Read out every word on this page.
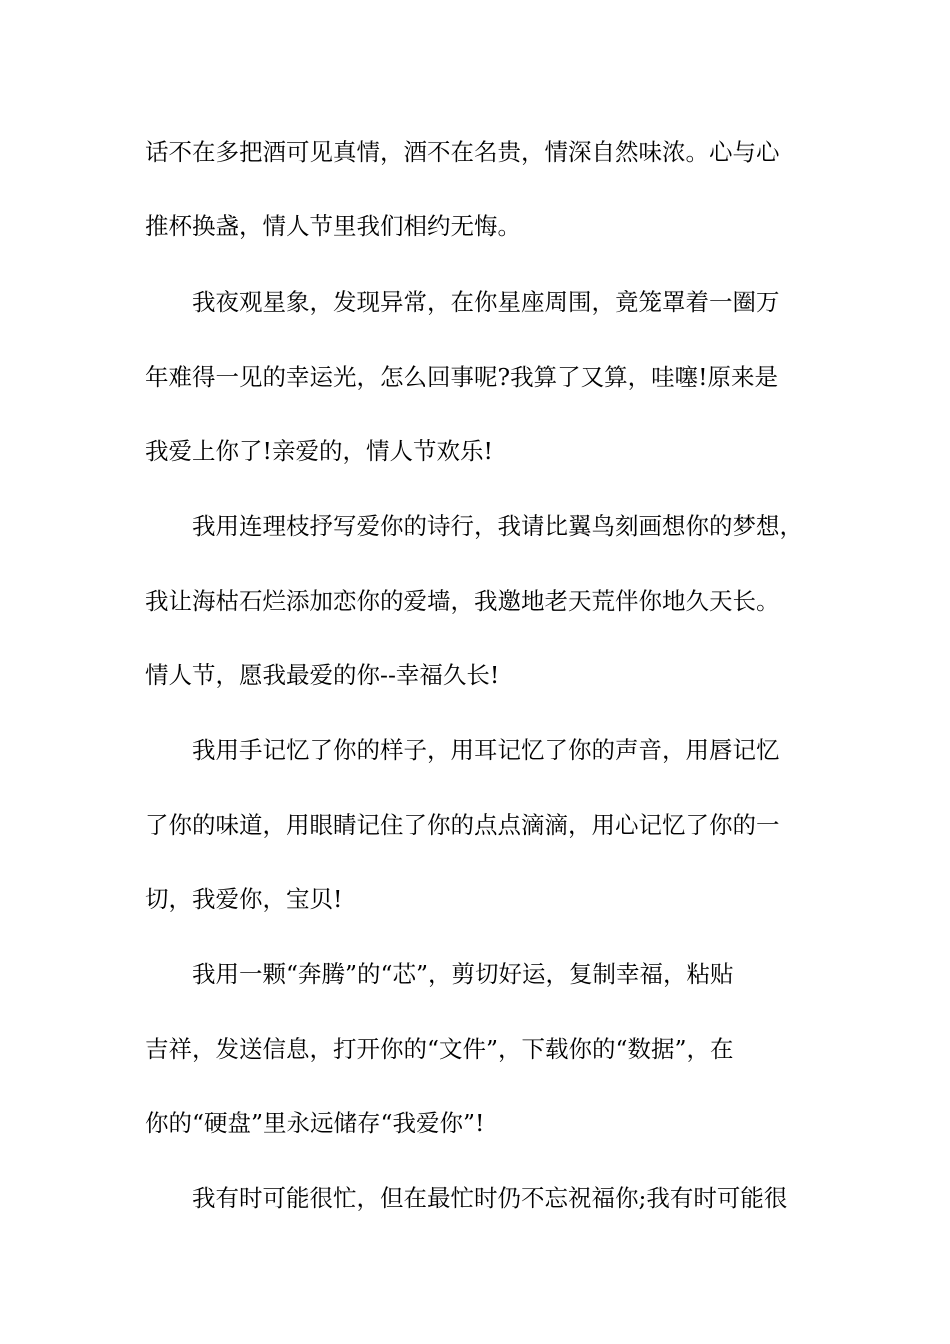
话不在多把酒可见真情，酒不在名贵，情深自然味浓。心与心
推杯换盏，情人节里我们相约无悔。
我夜观星象，发现异常，在你星座周围，竟笼罩着一圈万
年难得一见的幸运光，怎么回事呢?我算了又算，哇噻!原来是
我爱上你了!亲爱的，情人节欢乐!
我用连理枝抒写爱你的诗行，我请比翼鸟刻画想你的梦想，
我让海枯石烂添加恋你的爱墙，我邀地老天荒伴你地久天长。
情人节，愿我最爱的你--幸福久长!
我用手记忆了你的样子，用耳记忆了你的声音，用唇记忆
了你的味道，用眼睛记住了你的点点滴滴，用心记忆了你的一
切，我爱你，宝贝!
我用一颗“奔腾”的“芯”，剪切好运，复制幸福，粘贴
吉祥，发送信息，打开你的“文件”，下载你的“数据”，在
你的“硬盘”里永远储存“我爱你”!
我有时可能很忙，但在最忙时仍不忘祝福你;我有时可能很
